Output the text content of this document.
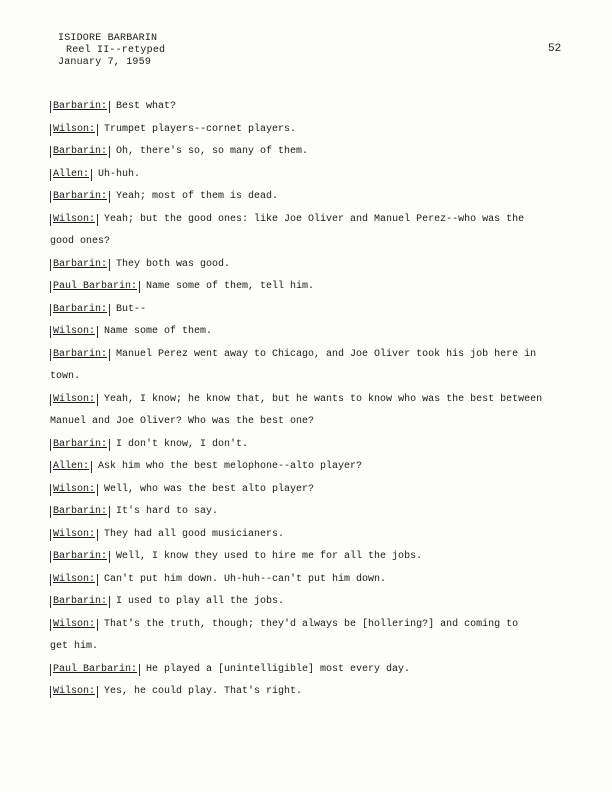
ISIDORE BARBARIN
Reel II--retyped
January 7, 1959
52
Barbarin: Best what?
Wilson: Trumpet players--cornet players.
Barbarin: Oh, there's so, so many of them.
Allen: Uh-huh.
Barbarin: Yeah; most of them is dead.
Wilson: Yeah; but the good ones: like Joe Oliver and Manuel Perez--who was the
good ones?
Barbarin: They both was good.
Paul Barbarin: Name some of them, tell him.
Barbarin: But--
Wilson: Name some of them.
Barbarin: Manuel Perez went away to Chicago, and Joe Oliver took his job here in
town.
Wilson: Yeah, I know; he know that, but he wants to know who was the best between
Manuel and Joe Oliver? Who was the best one?
Barbarin: I don't know, I don't.
Allen: Ask him who the best melophone--alto player?
Wilson: Well, who was the best alto player?
Barbarin: It's hard to say.
Wilson: They had all good musicianers.
Barbarin: Well, I know they used to hire me for all the jobs.
Wilson: Can't put him down. Uh-huh--can't put him down.
Barbarin: I used to play all the jobs.
Wilson: That's the truth, though; they'd always be [hollering?] and coming to
get him.
Paul Barbarin: He played a [unintelligible] most every day.
Wilson: Yes, he could play. That's right.
